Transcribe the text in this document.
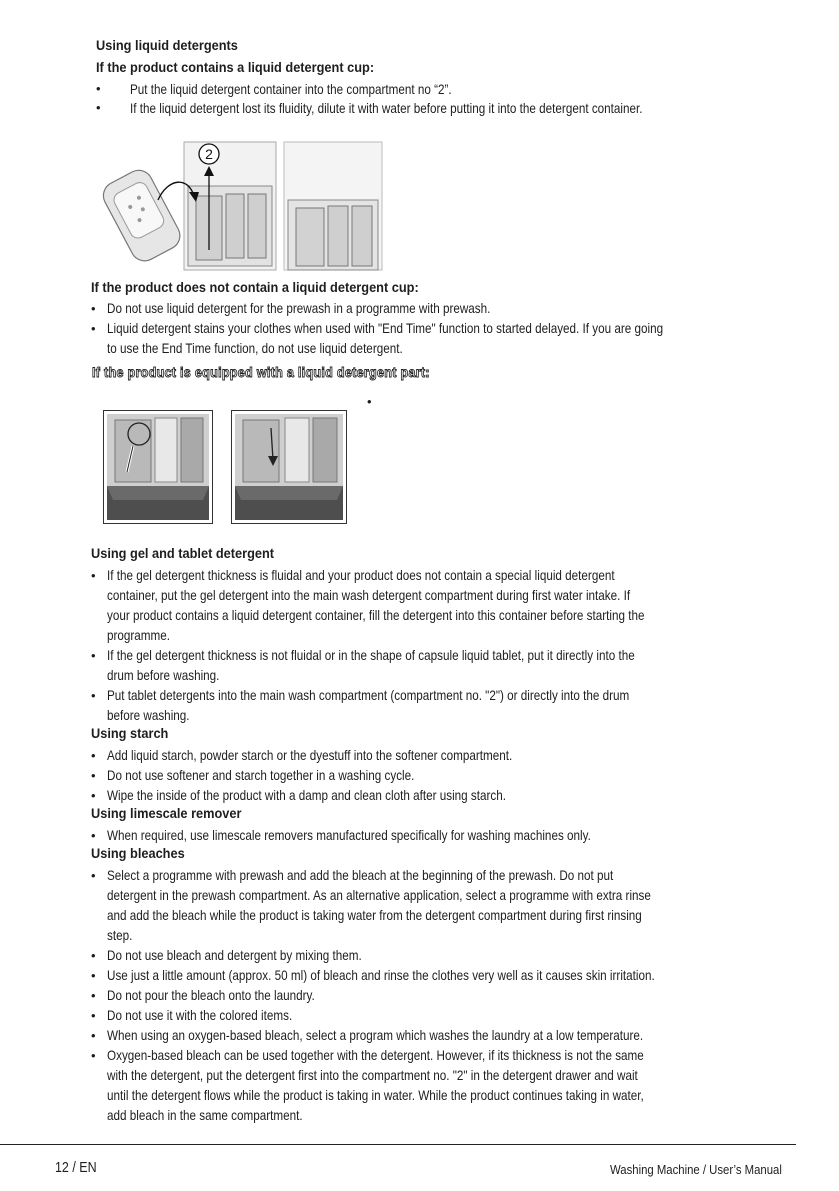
Using liquid detergents
If the product contains a liquid detergent cup:
• Put the liquid detergent container into the compartment no “2”.
• If the liquid detergent lost its fluidity, dilute it with water before putting it into the detergent container.
2
If the product does not contain a liquid detergent cup:
• Do not use liquid detergent for the prewash in a programme with prewash.
• Liquid detergent stains your clothes when used with "End Time" function to started delayed. If you are going
to use the End Time function, do not use liquid detergent.
If the product is equipped with a liquid detergent part:
•
Using gel and tablet detergent
• If the gel detergent thickness is fluidal and your product does not contain a special liquid detergent
container, put the gel detergent into the main wash detergent compartment during first water intake. If
your product contains a liquid detergent container, fill the detergent into this container before starting the
programme.
• If the gel detergent thickness is not fluidal or in the shape of capsule liquid tablet, put it directly into the
drum before washing.
• Put tablet detergents into the main wash compartment (compartment no. "2") or directly into the drum
before washing.
Using starch
• Add liquid starch, powder starch or the dyestuff into the softener compartment.
• Do not use softener and starch together in a washing cycle.
• Wipe the inside of the product with a damp and clean cloth after using starch.
Using limescale remover
• When required, use limescale removers manufactured specifically for washing machines only.
Using bleaches
• Select a programme with prewash and add the bleach at the beginning of the prewash. Do not put
detergent in the prewash compartment. As an alternative application, select a programme with extra rinse
and add the bleach while the product is taking water from the detergent compartment during first rinsing
step.
• Do not use bleach and detergent by mixing them.
• Use just a little amount (approx. 50 ml) of bleach and rinse the clothes very well as it causes skin irritation.
• Do not pour the bleach onto the laundry.
• Do not use it with the colored items.
• When using an oxygen-based bleach, select a program which washes the laundry at a low temperature.
• Oxygen-based bleach can be used together with the detergent. However, if its thickness is not the same
with the detergent, put the detergent first into the compartment no. "2" in the detergent drawer and wait
until the detergent flows while the product is taking in water. While the product continues taking in water,
add bleach in the same compartment.
12 / EN	Washing Machine / User’s Manual
